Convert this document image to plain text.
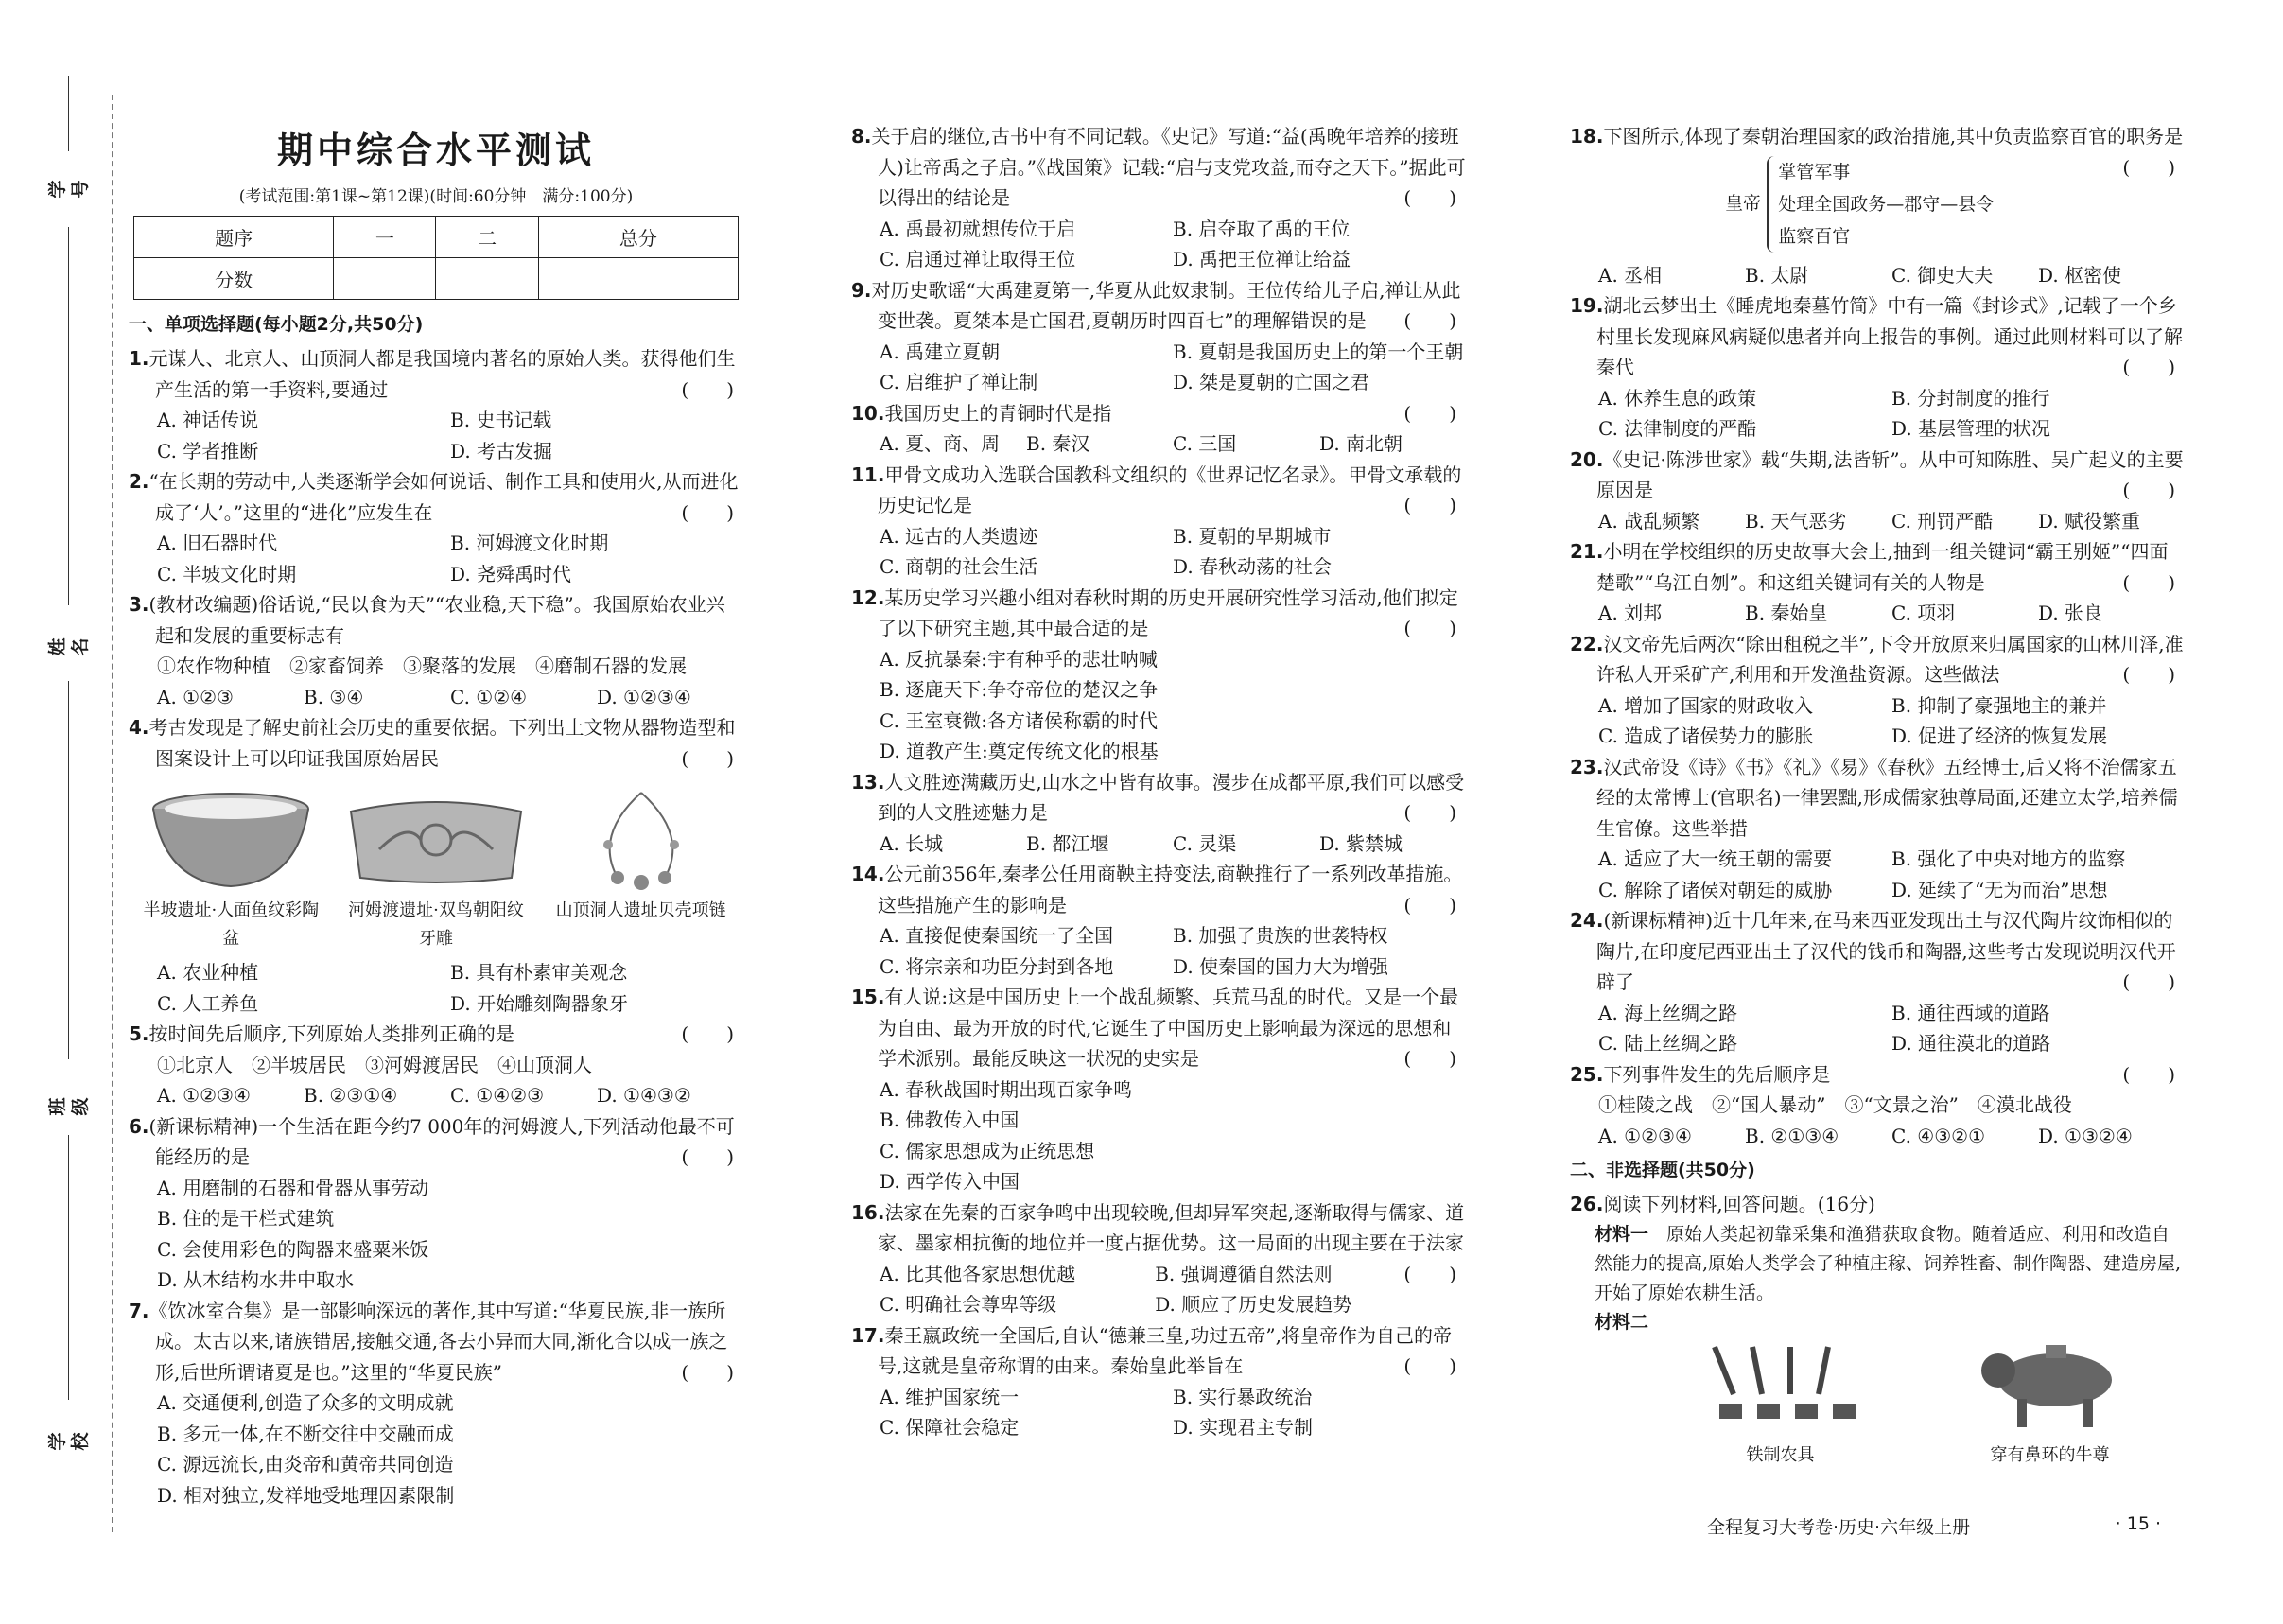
学号
姓名
班级
学校
期中综合水平测试
(考试范围:第1课~第12课)(时间:60分钟　满分:100分)
题序	一	二	总分
分数			
一、单项选择题(每小题2分,共50分)
1.元谋人、北京人、山顶洞人都是我国境内著名的原始人类。获得他们生产生活的第一手资料,要通过	(　　)
A. 神话传说	B. 史书记载
C. 学者推断	D. 考古发掘
2.“在长期的劳动中,人类逐渐学会如何说话、制作工具和使用火,从而进化成了‘人’。”这里的“进化”应发生在	(　　)
A. 旧石器时代	B. 河姆渡文化时期
C. 半坡文化时期	D. 尧舜禹时代
3.(教材改编题)俗话说,“民以食为天”“农业稳,天下稳”。我国原始农业兴起和发展的重要标志有
①农作物种植　②家畜饲养　③聚落的发展　④磨制石器的发展
A. ①②③	B. ③④	C. ①②④	D. ①②③④
4.考古发现是了解史前社会历史的重要依据。下列出土文物从器物造型和图案设计上可以印证我国原始居民	(　　)
半坡遗址·人面鱼纹彩陶盆
河姆渡遗址·双鸟朝阳纹牙雕
山顶洞人遗址贝壳项链
A. 农业种植	B. 具有朴素审美观念
C. 人工养鱼	D. 开始雕刻陶器象牙
5.按时间先后顺序,下列原始人类排列正确的是	(　　)
①北京人　②半坡居民　③河姆渡居民　④山顶洞人
A. ①②③④	B. ②③①④	C. ①④②③	D. ①④③②
6.(新课标精神)一个生活在距今约7 000年的河姆渡人,下列活动他最不可能经历的是	(　　)
A. 用磨制的石器和骨器从事劳动
B. 住的是干栏式建筑
C. 会使用彩色的陶器来盛粟米饭
D. 从木结构水井中取水
7.《饮冰室合集》是一部影响深远的著作,其中写道:“华夏民族,非一族所成。太古以来,诸族错居,接触交通,各去小异而大同,渐化合以成一族之形,后世所谓诸夏是也。”这里的“华夏民族”	(　　)
A. 交通便利,创造了众多的文明成就
B. 多元一体,在不断交往中交融而成
C. 源远流长,由炎帝和黄帝共同创造
D. 相对独立,发祥地受地理因素限制
8.关于启的继位,古书中有不同记载。《史记》写道:“益(禹晚年培养的接班人)让帝禹之子启。”《战国策》记载:“启与支党攻益,而夺之天下。”据此可以得出的结论是	(　　)
A. 禹最初就想传位于启	B. 启夺取了禹的王位
C. 启通过禅让取得王位	D. 禹把王位禅让给益
9.对历史歌谣“大禹建夏第一,华夏从此奴隶制。王位传给儿子启,禅让从此变世袭。夏桀本是亡国君,夏朝历时四百七”的理解错误的是 (　　)
A. 禹建立夏朝	B. 夏朝是我国历史上的第一个王朝
C. 启维护了禅让制	D. 桀是夏朝的亡国之君
10.我国历史上的青铜时代是指	(　　)
A. 夏、商、周	B. 秦汉	C. 三国	D. 南北朝
11.甲骨文成功入选联合国教科文组织的《世界记忆名录》。甲骨文承载的历史记忆是	(　　)
A. 远古的人类遗迹	B. 夏朝的早期城市
C. 商朝的社会生活	D. 春秋动荡的社会
12.某历史学习兴趣小组对春秋时期的历史开展研究性学习活动,他们拟定了以下研究主题,其中最合适的是	(　　)
A. 反抗暴秦:宇有种乎的悲壮呐喊
B. 逐鹿天下:争夺帝位的楚汉之争
C. 王室衰微:各方诸侯称霸的时代
D. 道教产生:奠定传统文化的根基
13.人文胜迹满藏历史,山水之中皆有故事。漫步在成都平原,我们可以感受到的人文胜迹魅力是	(　　)
A. 长城	B. 都江堰	C. 灵渠	D. 紫禁城
14.公元前356年,秦孝公任用商鞅主持变法,商鞅推行了一系列改革措施。这些措施产生的影响是	(　　)
A. 直接促使秦国统一了全国	B. 加强了贵族的世袭特权
C. 将宗亲和功臣分封到各地	D. 使秦国的国力大为增强
15.有人说:这是中国历史上一个战乱频繁、兵荒马乱的时代。又是一个最为自由、最为开放的时代,它诞生了中国历史上影响最为深远的思想和学术派别。最能反映这一状况的史实是	(　　)
A. 春秋战国时期出现百家争鸣
B. 佛教传入中国
C. 儒家思想成为正统思想
D. 西学传入中国
16.法家在先秦的百家争鸣中出现较晚,但却异军突起,逐渐取得与儒家、道家、墨家相抗衡的地位并一度占据优势。这一局面的出现主要在于法家
(　　)
A. 比其他各家思想优越	B. 强调遵循自然法则
C. 明确社会尊卑等级	D. 顺应了历史发展趋势
17.秦王嬴政统一全国后,自认“德兼三皇,功过五帝”,将皇帝作为自己的帝号,这就是皇帝称谓的由来。秦始皇此举旨在	(　　)
A. 维护国家统一	B. 实行暴政统治
C. 保障社会稳定	D. 实现君主专制
18.下图所示,体现了秦朝治理国家的政治措施,其中负责监察百官的职务是
(　　)
皇帝
掌管军事
处理全国政务—郡守—县令
监察百官
A. 丞相	B. 太尉	C. 御史大夫	D. 枢密使
19.湖北云梦出土《睡虎地秦墓竹简》中有一篇《封诊式》,记载了一个乡村里长发现麻风病疑似患者并向上报告的事例。通过此则材料可以了解秦代	(　　)
A. 休养生息的政策	B. 分封制度的推行
C. 法律制度的严酷	D. 基层管理的状况
20.《史记·陈涉世家》载“失期,法皆斩”。从中可知陈胜、吴广起义的主要原因是	(　　)
A. 战乱频繁	B. 天气恶劣	C. 刑罚严酷	D. 赋役繁重
21.小明在学校组织的历史故事大会上,抽到一组关键词“霸王别姬”“四面楚歌”“乌江自刎”。和这组关键词有关的人物是	(　　)
A. 刘邦	B. 秦始皇	C. 项羽	D. 张良
22.汉文帝先后两次“除田租税之半”,下令开放原来归属国家的山林川泽,准许私人开采矿产,利用和开发渔盐资源。这些做法	(　　)
A. 增加了国家的财政收入	B. 抑制了豪强地主的兼并
C. 造成了诸侯势力的膨胀	D. 促进了经济的恢复发展
23.汉武帝设《诗》《书》《礼》《易》《春秋》五经博士,后又将不治儒家五经的太常博士(官职名)一律罢黜,形成儒家独尊局面,还建立太学,培养儒生官僚。这些举措
A. 适应了大一统王朝的需要	B. 强化了中央对地方的监察
C. 解除了诸侯对朝廷的威胁	D. 延续了“无为而治”思想
24.(新课标精神)近十几年来,在马来西亚发现出土与汉代陶片纹饰相似的陶片,在印度尼西亚出土了汉代的钱币和陶器,这些考古发现说明汉代开辟了	(　　)
A. 海上丝绸之路	B. 通往西域的道路
C. 陆上丝绸之路	D. 通往漠北的道路
25.下列事件发生的先后顺序是	(　　)
①桂陵之战　②“国人暴动”　③“文景之治”　④漠北战役
A. ①②③④	B. ②①③④	C. ④③②①	D. ①③②④
二、非选择题(共50分)
26.阅读下列材料,回答问题。(16分)
材料一　 原始人类起初靠采集和渔猎获取食物。随着适应、利用和改造自然能力的提高,原始人类学会了种植庄稼、饲养牲畜、制作陶器、建造房屋,开始了原始农耕生活。
材料二
铁制农具	穿有鼻环的牛尊
全程复习大考卷·历史·六年级上册	· 15 ·
